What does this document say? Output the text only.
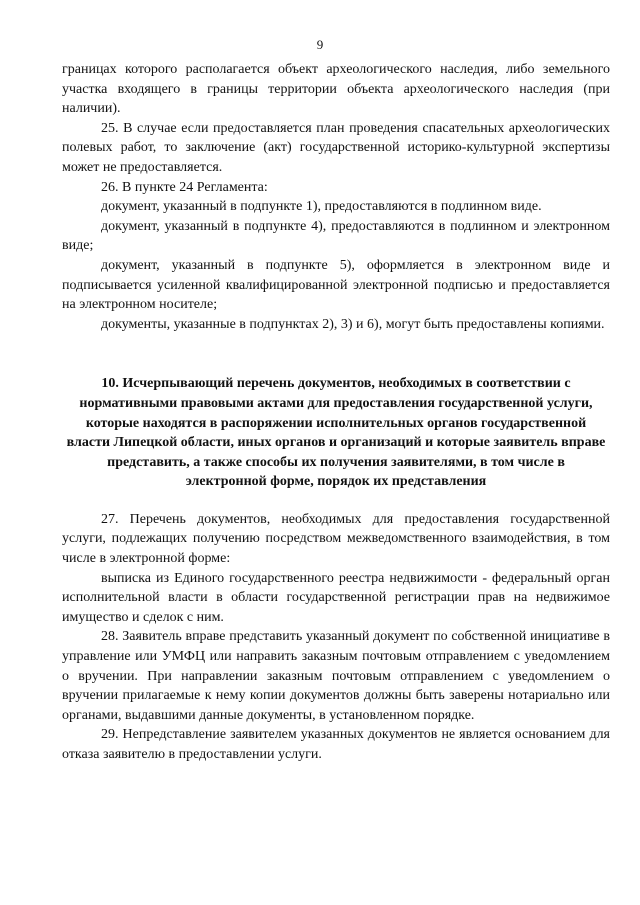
9

границах которого располагается объект археологического наследия, либо земельного участка входящего в границы территории объекта археологического наследия (при наличии).

25. В случае если предоставляется план проведения спасательных археологических полевых работ, то заключение (акт) государственной историко-культурной экспертизы может не предоставляется.

26. В пункте 24 Регламента:

документ, указанный в подпункте 1), предоставляются в подлинном виде.

документ, указанный в подпункте 4), предоставляются в подлинном и электронном виде;

документ, указанный в подпункте 5), оформляется в электронном виде и подписывается усиленной квалифицированной электронной подписью и предоставляется на электронном носителе;

документы, указанные в подпунктах 2), 3) и 6), могут быть предоставлены копиями.

10. Исчерпывающий перечень документов, необходимых в соответствии с нормативными правовыми актами для предоставления государственной услуги, которые находятся в распоряжении исполнительных органов государственной власти Липецкой области, иных органов и организаций и которые заявитель вправе представить, а также способы их получения заявителями, в том числе в электронной форме, порядок их представления

27. Перечень документов, необходимых для предоставления государственной услуги, подлежащих получению посредством межведомственного взаимодействия, в том числе в электронной форме:

выписка из Единого государственного реестра недвижимости - федеральный орган исполнительной власти в области государственной регистрации прав на недвижимое имущество и сделок с ним.

28. Заявитель вправе представить указанный документ по собственной инициативе в управление или УМФЦ или направить заказным почтовым отправлением с уведомлением о вручении. При направлении заказным почтовым отправлением с уведомлением о вручении прилагаемые к нему копии документов должны быть заверены нотариально или органами, выдавшими данные документы, в установленном порядке.

29. Непредставление заявителем указанных документов не является основанием для отказа заявителю в предоставлении услуги.
